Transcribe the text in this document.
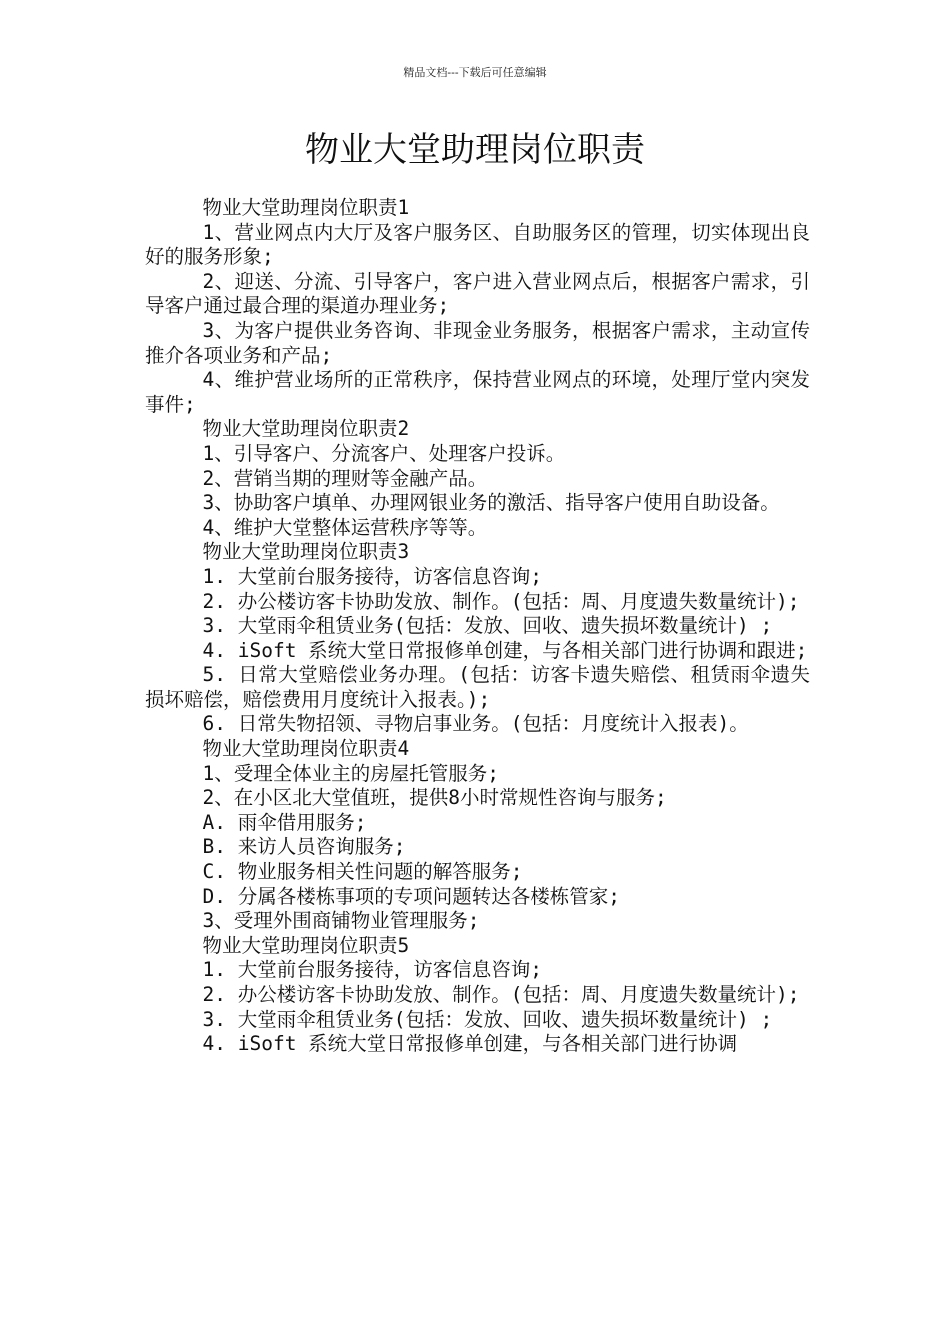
精品文档---下载后可任意编辑
物业大堂助理岗位职责

物业大堂助理岗位职责1

1、营业网点内大厅及客户服务区、自助服务区的管理，切实体现出良好的服务形象;

2、迎送、分流、引导客户，客户进入营业网点后，根据客户需求，引导客户通过最合理的渠道办理业务;

3、为客户提供业务咨询、非现金业务服务，根据客户需求，主动宣传推介各项业务和产品;

4、维护营业场所的正常秩序，保持营业网点的环境，处理厅堂内突发事件;

物业大堂助理岗位职责2

1、引导客户、分流客户、处理客户投诉。

2、营销当期的理财等金融产品。

3、协助客户填单、办理网银业务的激活、指导客户使用自助设备。

4、维护大堂整体运营秩序等等。

物业大堂助理岗位职责3

1. 大堂前台服务接待，访客信息咨询;

2. 办公楼访客卡协助发放、制作。(包括：周、月度遗失数量统计);

3. 大堂雨伞租赁业务(包括：发放、回收、遗失损坏数量统计) ;

4. iSoft 系统大堂日常报修单创建，与各相关部门进行协调和跟进;

5. 日常大堂赔偿业务办理。(包括：访客卡遗失赔偿、租赁雨伞遗失损坏赔偿，赔偿费用月度统计入报表。);

6. 日常失物招领、寻物启事业务。(包括：月度统计入报表)。

物业大堂助理岗位职责4

1、受理全体业主的房屋托管服务;

2、在小区北大堂值班，提供8小时常规性咨询与服务;

A. 雨伞借用服务;

B. 来访人员咨询服务;

C. 物业服务相关性问题的解答服务;

D. 分属各楼栋事项的专项问题转达各楼栋管家;

3、受理外围商铺物业管理服务;

物业大堂助理岗位职责5

1. 大堂前台服务接待，访客信息咨询;

2. 办公楼访客卡协助发放、制作。(包括：周、月度遗失数量统计);

3. 大堂雨伞租赁业务(包括：发放、回收、遗失损坏数量统计) ;

4. iSoft 系统大堂日常报修单创建，与各相关部门进行协调
